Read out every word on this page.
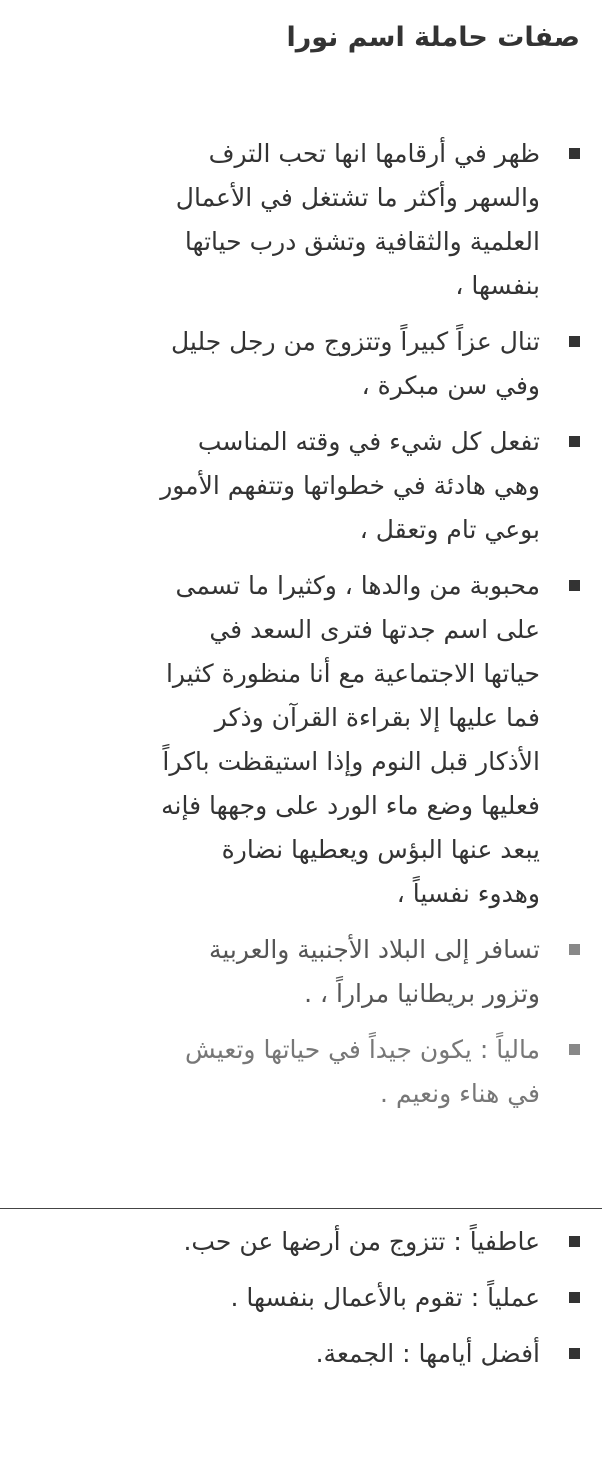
صفات حاملة اسم نورا
ظهر في أرقامها انها تحب الترف والسهر وأكثر ما تشتغل في الأعمال العلمية والثقافية وتشق درب حياتها بنفسها ،
تنال عزاً كبيراً وتتزوج من رجل جليل وفي سن مبكرة ،
تفعل كل شيء في وقته المناسب وهي هادئة في خطواتها وتتفهم الأمور بوعي تام وتعقل ،
محبوبة من والدها ، وكثيرا ما تسمى على اسم جدتها فترى السعد في حياتها الاجتماعية مع أنا منظورة كثيرا فما عليها إلا بقراءة القرآن وذكر الأذكار قبل النوم وإذا استيقظت باكراً فعليها وضع ماء الورد على وجهها فإنه يبعد عنها البؤس ويعطيها نضارة وهدوء نفسياً ،
تسافر إلى البلاد الأجنبية والعربية وتزور بريطانيا مراراً ، .
مالياً : يكون جيداً في حياتها وتعيش في هناء ونعيم .
عاطفياً : تتزوج من أرضها عن حب.
عملياً : تقوم بالأعمال بنفسها .
أفضل أيامها : الجمعة.
